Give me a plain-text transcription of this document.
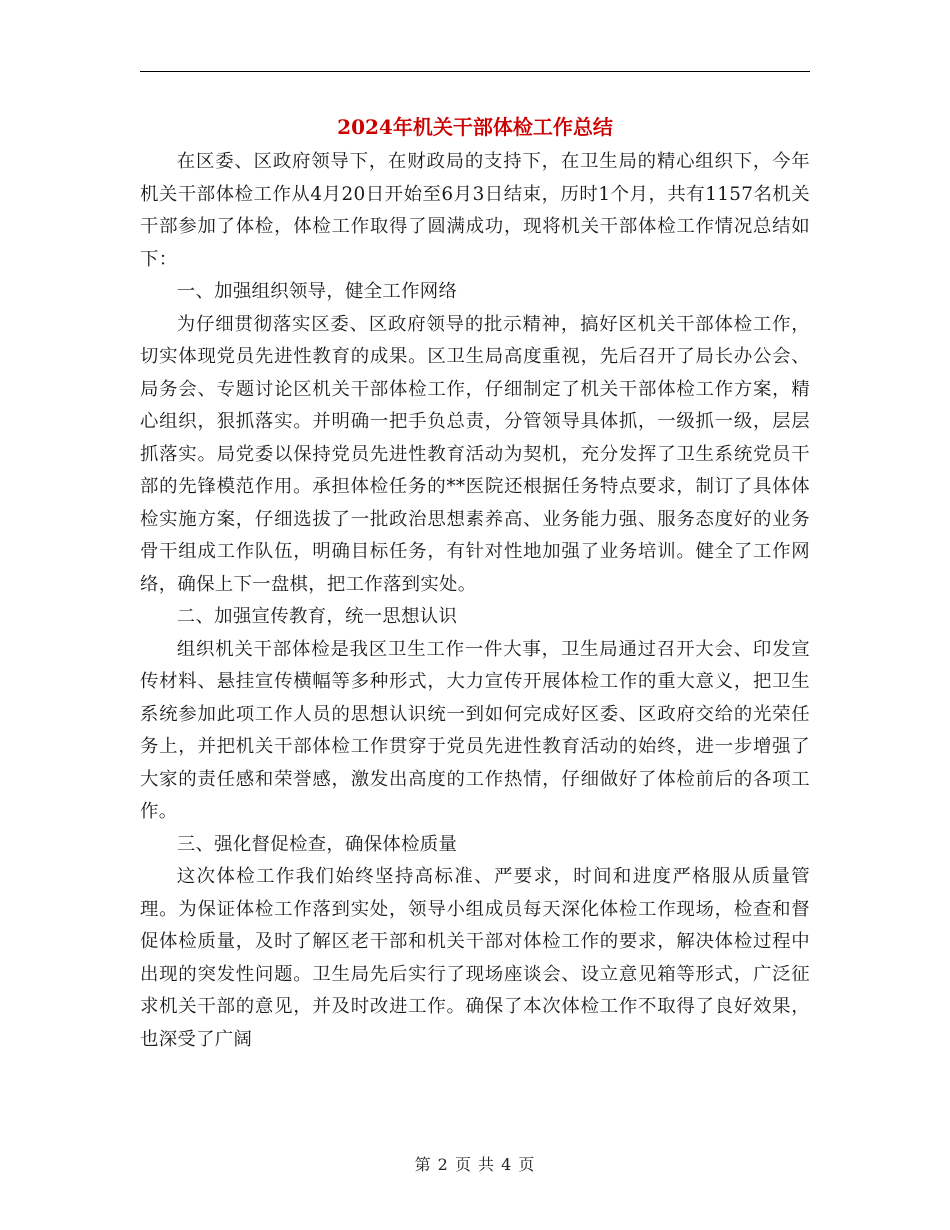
2024年机关干部体检工作总结

在区委、区政府领导下，在财政局的支持下，在卫生局的精心组织下，今年机关干部体检工作从4月20日开始至6月3日结束，历时1个月，共有1157名机关干部参加了体检，体检工作取得了圆满成功，现将机关干部体检工作情况总结如下：

一、加强组织领导，健全工作网络

为仔细贯彻落实区委、区政府领导的批示精神，搞好区机关干部体检工作，切实体现党员先进性教育的成果。区卫生局高度重视，先后召开了局长办公会、局务会、专题讨论区机关干部体检工作，仔细制定了机关干部体检工作方案，精心组织，狠抓落实。并明确一把手负总责，分管领导具体抓，一级抓一级，层层抓落实。局党委以保持党员先进性教育活动为契机，充分发挥了卫生系统党员干部的先锋模范作用。承担体检任务的**医院还根据任务特点要求，制订了具体体检实施方案，仔细选拔了一批政治思想素养高、业务能力强、服务态度好的业务骨干组成工作队伍，明确目标任务，有针对性地加强了业务培训。健全了工作网络，确保上下一盘棋，把工作落到实处。

二、加强宣传教育，统一思想认识

组织机关干部体检是我区卫生工作一件大事，卫生局通过召开大会、印发宣传材料、悬挂宣传横幅等多种形式，大力宣传开展体检工作的重大意义，把卫生系统参加此项工作人员的思想认识统一到如何完成好区委、区政府交给的光荣任务上，并把机关干部体检工作贯穿于党员先进性教育活动的始终，进一步增强了大家的责任感和荣誉感，激发出高度的工作热情，仔细做好了体检前后的各项工作。

三、强化督促检查，确保体检质量

这次体检工作我们始终坚持高标准、严要求，时间和进度严格服从质量管理。为保证体检工作落到实处，领导小组成员每天深化体检工作现场，检查和督促体检质量，及时了解区老干部和机关干部对体检工作的要求，解决体检过程中出现的突发性问题。卫生局先后实行了现场座谈会、设立意见箱等形式，广泛征求机关干部的意见，并及时改进工作。确保了本次体检工作不取得了良好效果，也深受了广阔

第 2 页 共 4 页
